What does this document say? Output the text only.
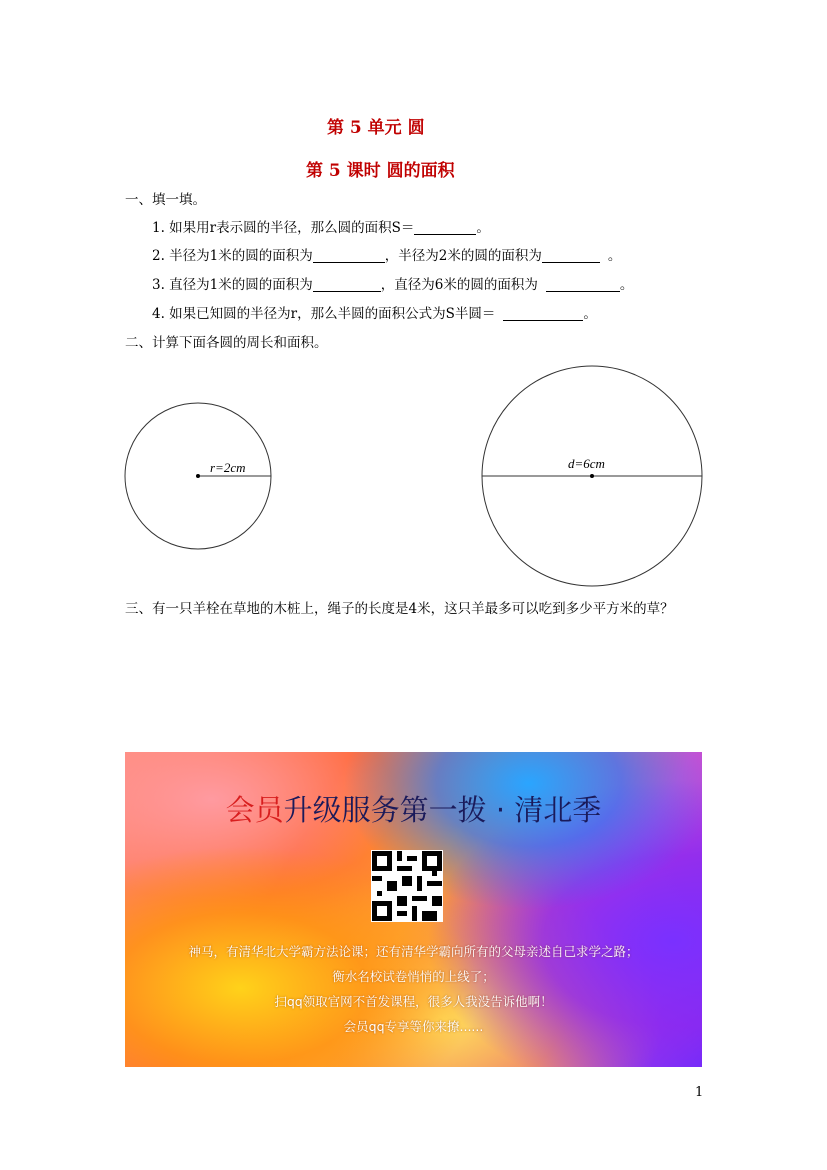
第 5 单元 圆
第 5 课时 圆的面积
一、填一填。
1. 如果用r表示圆的半径，那么圆的面积S＝	。
2. 半径为1米的圆的面积为	，半径为2米的圆的面积为	。
3. 直径为1米的圆的面积为	，直径为6米的圆的面积为	。
4. 如果已知圆的半径为r，那么半圆的面积公式为S半圆＝	。
二、计算下面各圆的周长和面积。
r=2cm	d=6cm
三、有一只羊栓在草地的木桩上，绳子的长度是4米，这只羊最多可以吃到多少平方米的草？
会员升级服务第一拨 · 清北季
神马，有清华北大学霸方法论课；还有清华学霸向所有的父母亲述自己求学之路；
衡水名校试卷悄悄的上线了；
扫qq领取官网不首发课程，很多人我没告诉他啊！
会员qq专享等你来撩......
1
